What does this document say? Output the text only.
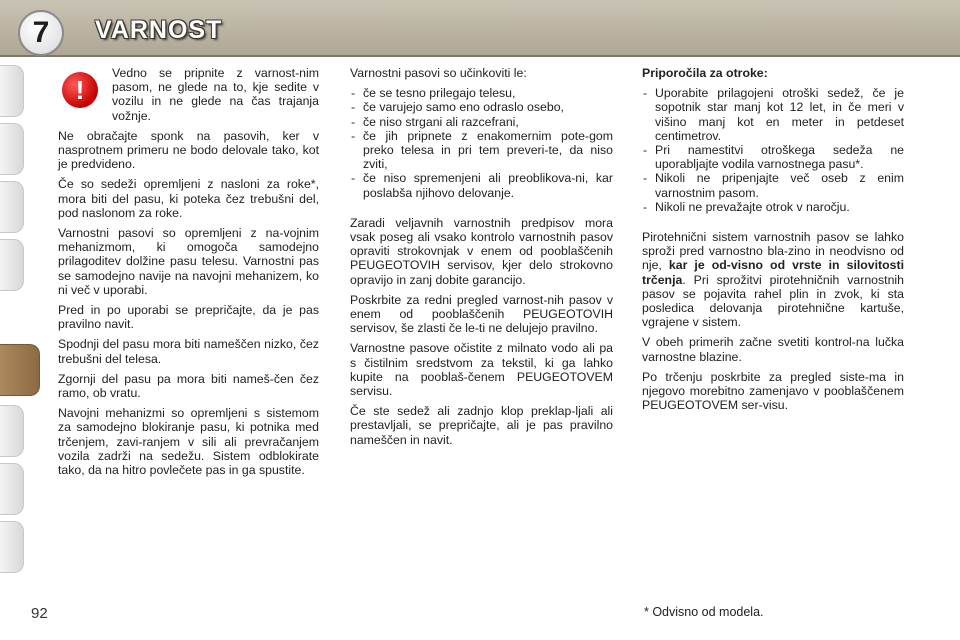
7	VARNOST
!

Vedno se pripnite z varnost-nim pasom, ne glede na to, kje sedite v vozilu in ne glede na čas trajanja vožnje.

Ne obračajte sponk na pasovih, ker v nasprotnem primeru ne bodo delovale tako, kot je predvideno.

Če so sedeži opremljeni z nasloni za roke*, mora biti del pasu, ki poteka čez trebušni del, pod naslonom za roke.

Varnostni pasovi so opremljeni z na-vojnim mehanizmom, ki omogoča samodejno prilagoditev dolžine pasu telesu. Varnostni pas se samodejno navije na navojni mehanizem, ko ni več v uporabi.

Pred in po uporabi se prepričajte, da je pas pravilno navit.

Spodnji del pasu mora biti nameščen nizko, čez trebušni del telesa.

Zgornji del pasu pa mora biti nameš-čen čez ramo, ob vratu.

Navojni mehanizmi so opremljeni s sistemom za samodejno blokiranje pasu, ki potnika med trčenjem, zavi-ranjem v sili ali prevračanjem vozila zadrži na sedežu. Sistem odblokirate tako, da na hitro povlečete pas in ga spustite.

Varnostni pasovi so učinkoviti le:

- če se tesno prilegajo telesu,
- če varujejo samo eno odraslo osebo,
- če niso strgani ali razcefrani,
- če jih pripnete z enakomernim pote-gom preko telesa in pri tem preveri-te, da niso zviti,
- če niso spremenjeni ali preoblikova-ni, kar poslabša njihovo delovanje.

Zaradi veljavnih varnostnih predpisov mora vsak poseg ali vsako kontrolo varnostnih pasov opraviti strokovnjak v enem od pooblaščenih PEUGEOTOVIH servisov, kjer delo strokovno opravijo in zanj dobite garancijo.

Poskrbite za redni pregled varnost-nih pasov v enem od pooblaščenih PEUGEOTOVIH servisov, še zlasti če le-ti ne delujejo pravilno.

Varnostne pasove očistite z milnato vodo ali pa s čistilnim sredstvom za tekstil, ki ga lahko kupite na pooblaš-čenem PEUGEOTOVEM servisu.

Če ste sedež ali zadnjo klop preklap-ljali ali prestavljali, se prepričajte, ali je pas pravilno nameščen in navit.

Priporočila za otroke:

- Uporabite prilagojeni otroški sedež, če je sopotnik star manj kot 12 let, in če meri v višino manj kot en meter in petdeset centimetrov.
- Pri namestitvi otroškega sedeža ne uporabljajte vodila varnostnega pasu*.
- Nikoli ne pripenjajte več oseb z enim varnostnim pasom.
- Nikoli ne prevažajte otrok v naročju.

Pirotehnični sistem varnostnih pasov se lahko sproži pred varnostno bla-zino in neodvisno od nje, kar je od-visno od vrste in silovitosti trčenja. Pri sprožitvi pirotehničnih varnostnih pasov se pojavita rahel plin in zvok, ki sta posledica delovanja pirotehnične kartuše, vgrajene v sistem.

V obeh primerih začne svetiti kontrol-na lučka varnostne blazine.

Po trčenju poskrbite za pregled siste-ma in njegovo morebitno zamenjavo v pooblaščenem PEUGEOTOVEM ser-visu.

92	* Odvisno od modela.
